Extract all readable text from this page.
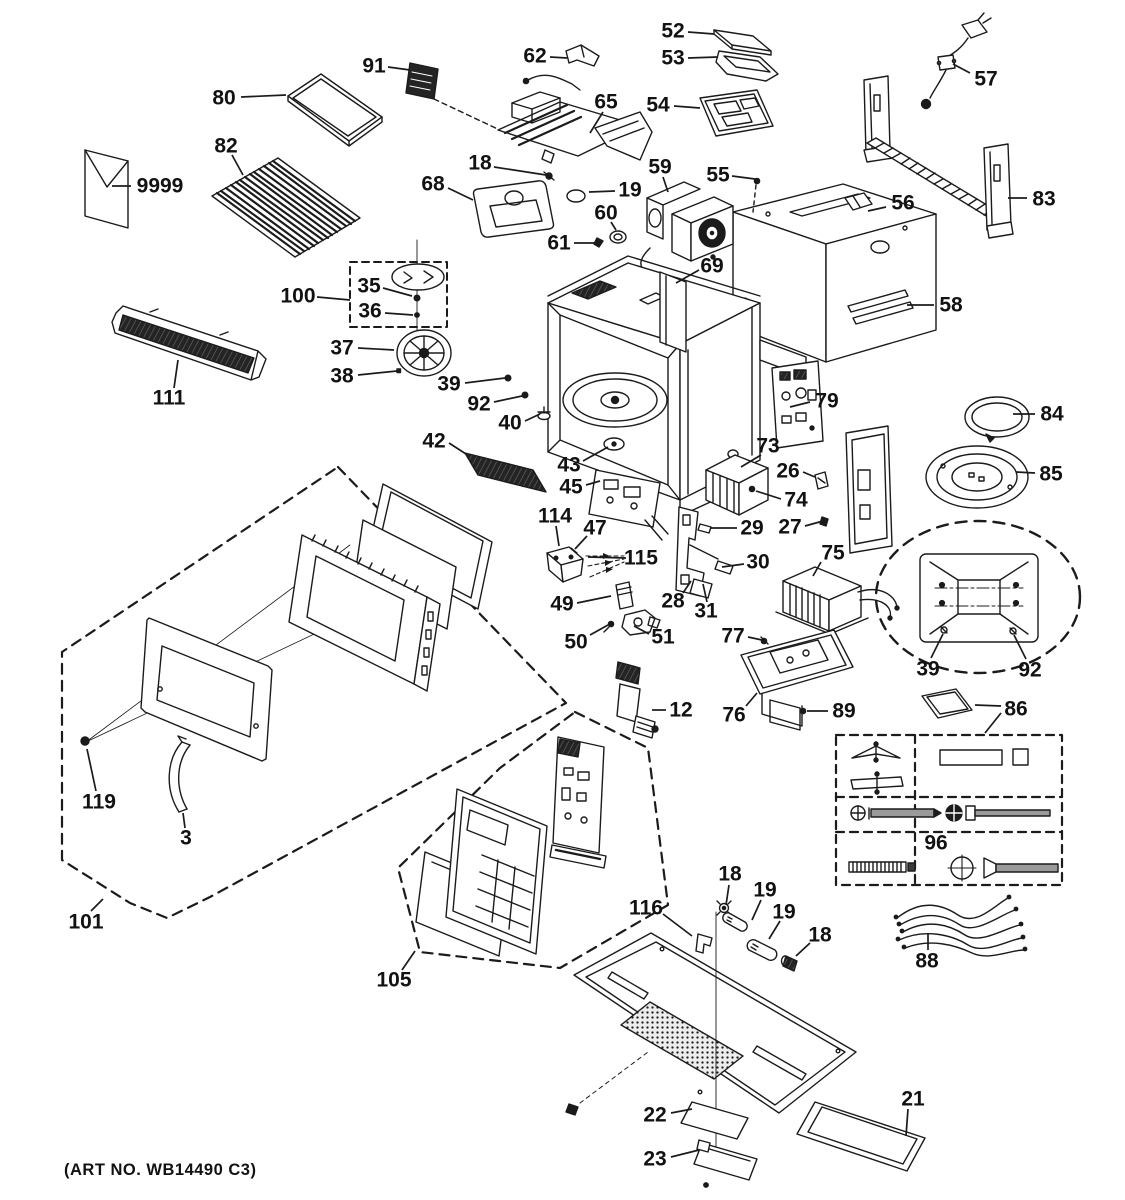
80
82
9999
91	62
52
53
54
57
65
18
19
68
60
61
59 55
56	83
58
69
100 35
36
37
38	39
92
40
111
42
43
45
79
84
85
73
26
74
29 27
30 75
28 31
114
47
115
49
50	51
12
77
76	89	86
39	92
96
88
116
18
19
19
18
22
23
21
101
105
119
3
(ART NO. WB14490 C3)
